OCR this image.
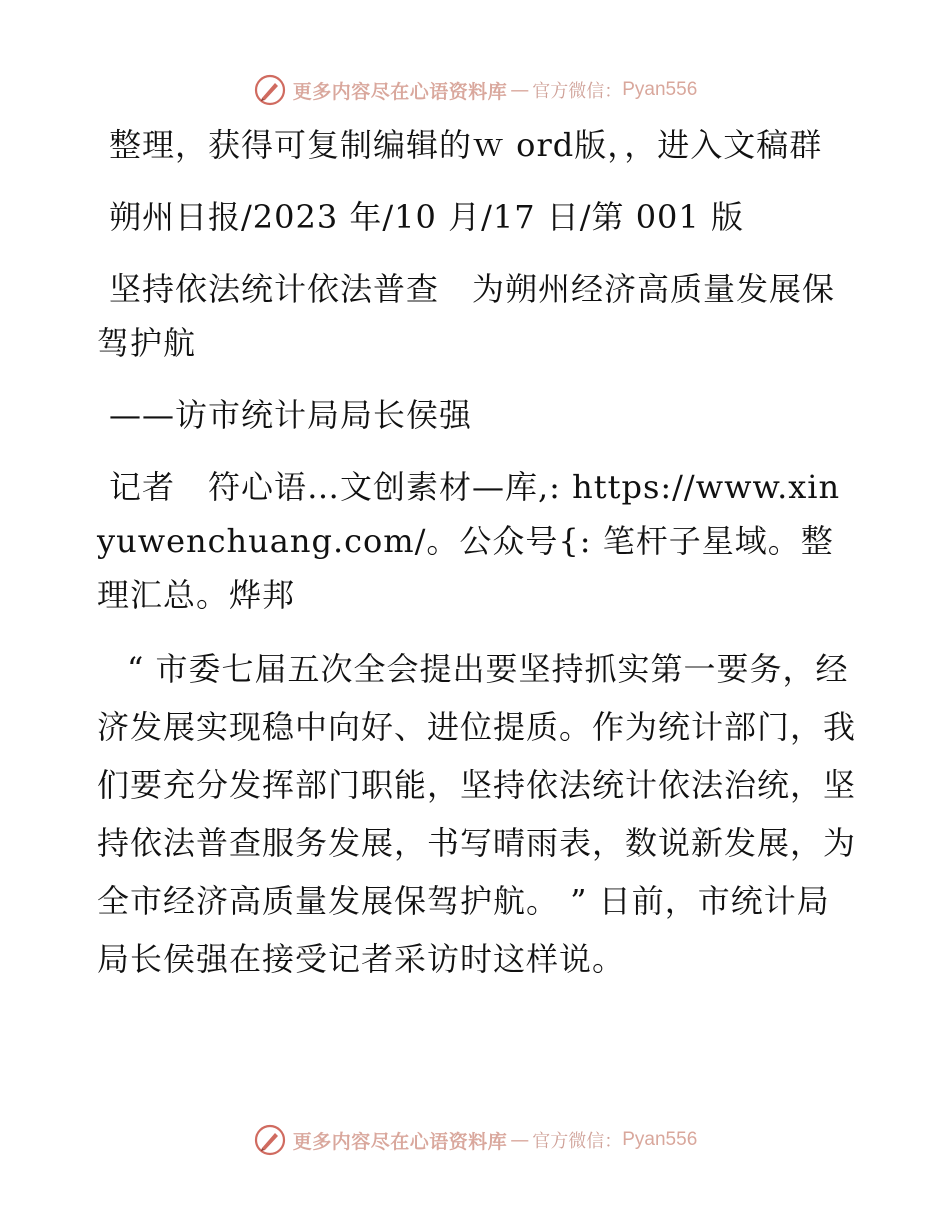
更多内容尽在心语资料库 — 官方微信： Pyan556

整理，获得可复制编辑的ｗ ord版，，进入文稿群

朔州日报/2023 年/10 月/17 日/第 001 版

坚持依法统计依法普查　为朔州经济高质量发展保驾护航

——访市统计局局长侯强

记者　符心语…文创素材—库,: https://www.xinyuwenchuang.com/。公众号{: 笔杆子星域。整理汇总。烨邦

“ 市委七届五次全会提出要坚持抓实第一要务，经济发展实现稳中向好、进位提质。作为统计部门，我们要充分发挥部门职能，坚持依法统计依法治统，坚持依法普查服务发展，书写晴雨表，数说新发展，为全市经济高质量发展保驾护航。 ” 日前，市统计局局长侯强在接受记者采访时这样说。

更多内容尽在心语资料库 — 官方微信： Pyan556
